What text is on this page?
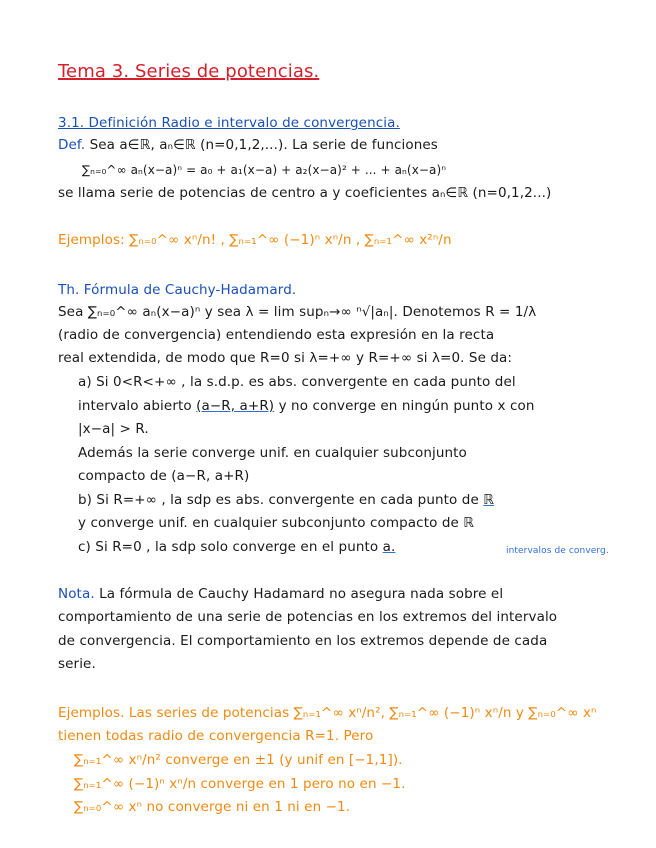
Tema 3. Series de potencias.
3.1. Definición Radio e intervalo de convergencia.
Def. Sea a∈ℝ, aₙ∈ℝ (n=0,1,2,...). La serie de funciones
∑ₙ₌₀^∞ aₙ(x−a)ⁿ = a₀ + a₁(x−a) + a₂(x−a)² + ... + aₙ(x−a)ⁿ
se llama serie de potencias de centro a y coeficientes aₙ∈ℝ (n=0,1,2...)
Ejemplos: ∑ₙ₌₀^∞ xⁿ/n! , ∑ₙ₌₁^∞ (−1)ⁿ xⁿ/n , ∑ₙ₌₁^∞ x²ⁿ/n
Th. Fórmula de Cauchy-Hadamard.
Sea ∑ₙ₌₀^∞ aₙ(x−a)ⁿ y sea λ = lim supₙ→∞ ⁿ√|aₙ|. Denotemos R = 1/λ
(radio de convergencia) entendiendo esta expresión en la recta
real extendida, de modo que R=0 si λ=+∞ y R=+∞ si λ=0. Se da:
a) Si 0<R<+∞ , la s.d.p. es abs. convergente en cada punto del
intervalo abierto (a−R, a+R) y no converge en ningún punto x con
|x−a| > R.
Además la serie converge unif. en cualquier subconjunto
compacto de (a−R, a+R)
b) Si R=+∞ , la sdp es abs. convergente en cada punto de ℝ
y converge unif. en cualquier subconjunto compacto de ℝ
c) Si R=0 , la sdp solo converge en el punto a.	intervalos de converg.
Nota. La fórmula de Cauchy Hadamard no asegura nada sobre el
comportamiento de una serie de potencias en los extremos del intervalo
de convergencia. El comportamiento en los extremos depende de cada
serie.
Ejemplos. Las series de potencias ∑ₙ₌₁^∞ xⁿ/n², ∑ₙ₌₁^∞ (−1)ⁿ xⁿ/n y ∑ₙ₌₀^∞ xⁿ
tienen todas radio de convergencia R=1. Pero
∑ₙ₌₁^∞ xⁿ/n² converge en ±1 (y unif en [−1,1]).
∑ₙ₌₁^∞ (−1)ⁿ xⁿ/n converge en 1 pero no en −1.
∑ₙ₌₀^∞ xⁿ no converge ni en 1 ni en −1.
